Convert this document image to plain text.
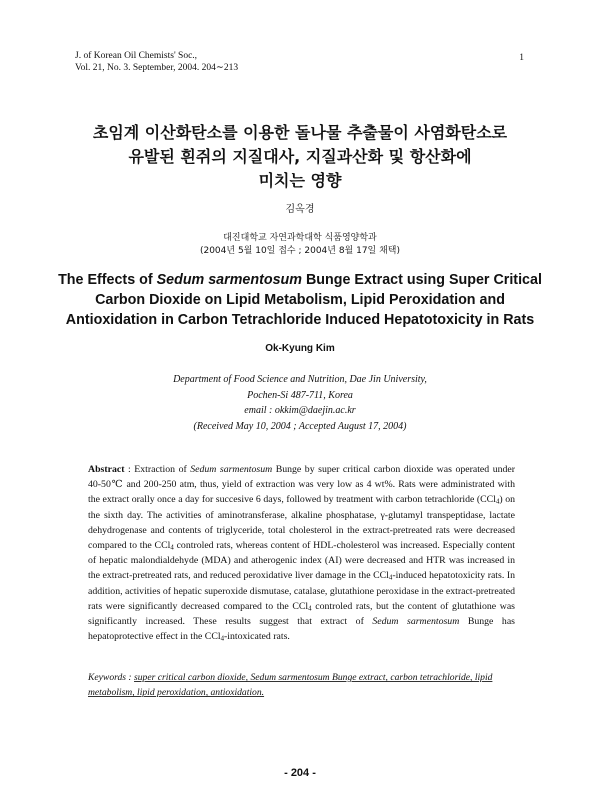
J. of Korean Oil Chemists' Soc.,
Vol. 21, No. 3. September, 2004. 204∼213
1
초임계 이산화탄소를 이용한 돌나물 추출물이 사염화탄소로
유발된 흰쥐의 지질대사, 지질과산화 및 항산화에
미치는 영향
김옥경
대진대학교 자연과학대학 식품영양학과
(2004년 5월 10일 접수 ; 2004년 8월 17일 채택)
The Effects of Sedum sarmentosum Bunge Extract using Super Critical
Carbon Dioxide on Lipid Metabolism, Lipid Peroxidation and
Antioxidation in Carbon Tetrachloride Induced Hepatotoxicity in Rats
Ok-Kyung Kim
Department of Food Science and Nutrition, Dae Jin University,
Pochen-Si 487-711, Korea
email : okkim@daejin.ac.kr
(Received May 10, 2004 ; Accepted August 17, 2004)
Abstract : Extraction of Sedum sarmentosum Bunge by super critical carbon dioxide was operated under 40-50℃ and 200-250 atm, thus, yield of extraction was very low as 4 wt%. Rats were administrated with the extract orally once a day for succesive 6 days, followed by treatment with carbon tetrachloride (CCl$_4$) on the sixth day. The activities of aminotransferase, alkaline phosphatase, γ-glutamyl transpeptidase, lactate dehydrogenase and contents of triglyceride, total cholesterol in the extract-pretreated rats were decreased compared to the CCl$_4$ controled rats, whereas content of HDL-cholesterol was increased. Especially content of hepatic malondialdehyde (MDA) and atherogenic index (AI) were decreased and HTR was increased in the extract-pretreated rats, and reduced peroxidative liver damage in the CCl$_4$-induced hepatotoxicity rats. In addition, activities of hepatic superoxide dismutase, catalase, glutathione peroxidase in the extract-pretreated rats were significantly decreased compared to the CCl$_4$ controled rats, but the content of glutathione was significantly increased. These results suggest that extract of Sedum sarmentosum Bunge has hepatoprotective effect in the CCl$_4$-intoxicated rats.
Keywords : super critical carbon dioxide, Sedum sarmentosum Bunge extract, carbon tetrachloride, lipid metabolism, lipid peroxidation, antioxidation.
- 204 -
